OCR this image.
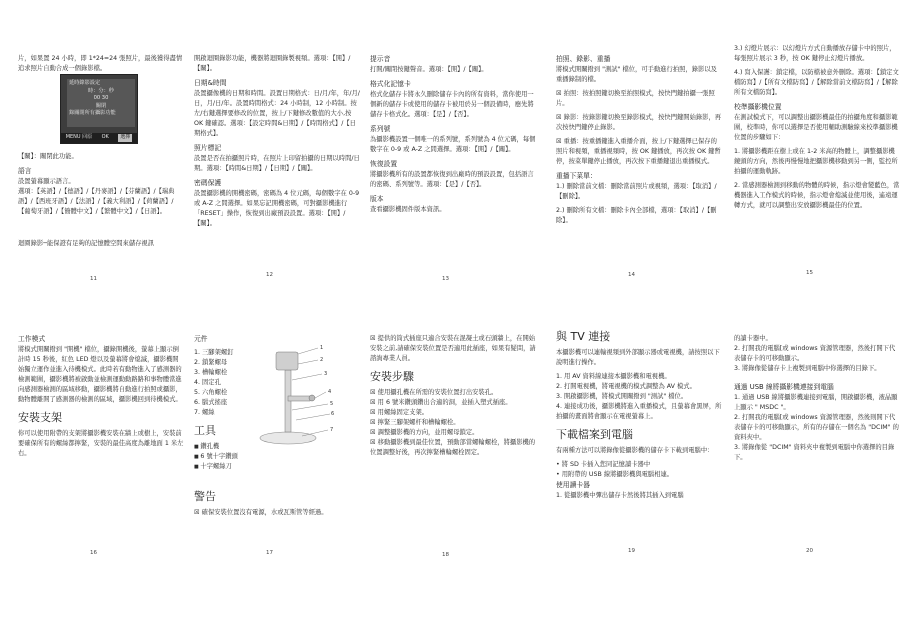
片，如果置 24 小時，即 1*24=24 張照片，最後獲得盡情追求照片自動合成一個錄影檔。

延時錄影設定
時：分：秒
00 30
關閉
錄關閉所有攝影功能
MENU 回原 OK	選擇

【關】：關閉此功能。

語言

設置螢幕顯示語言。

選項：【英語】/【德語】/【丹麥語】/【芬蘭語】/【瑞典語】/【西班牙語】/【法語】/【義大利語】/【荷蘭語】/【葡萄牙語】/【簡體中文】/【繁體中文】/【日語】。

迴圈錄影─能保證有足夠的記憶體空間來儲存視訊

11

開啟迴圈錄影功能，機器將迴圈錄製視頻。選項：【開】/【關】。

日期&時間

設置攝像機的日期和時間。設置日期格式：日/月/年，年/月/日，月/日/年。設置時間格式：24 小時制，12 小時制。按左/右鍵選擇要修改的位置，按上/下鍵修改數值的大小,按 OK 鍵確認。選項：【設定時間&日期】/【時間格式】/【日期格式】。

照片標記

設置是否在拍攝照片時，在照片上印留拍攝的日期以時間/日期。選項：【時間&日期】/【日期】/【關】。

密碼保護

設置攝影機的開機密碼，密碼為 4 位元碼，每個數字在 0-9 或 A-Z 之間選擇。如果忘記開機密碼，可對攝影機進行「RESET」操作，恢復到出廠預設設置。選項：【開】/【關】。

12
提示音

打開/關閉按鍵聲音。選項：【開】/【關】。

格式化記憶卡

格式化儲存卡將永久刪除儲存卡內的所有資料，當你使用一個新的儲存卡或使用的儲存卡被用於另一個設備時，應先將儲存卡格式化。選項：【是】/【否】。

系列號

為攝影機設置一個唯一的系列號，系列號為 4 位元碼，每個數字在 0-9 或 A-Z 之間選擇。選項：【開】/【關】。

恢復設置

將攝影機所有的設置都恢復到出廠時的預設設置，包括語言的密碼、系列號等。選項：【是】/【否】。

版本

查看攝影機固件版本資訊。

13
拍照、錄影、重播

將模式開關撥到 "測試" 檔位，可手動進行拍照，錄影以及重播錄制的檔。

☒ 拍照：按拍照鍵切換至拍照模式，按快門鍵拍攝一張照片。

☒ 錄影：按錄影鍵切換至錄影模式，按快門鍵開始錄影，再次按快門鍵停止錄影。

☒ 重播：按重播鍵進入重播介面，按上/下鍵選擇已保存的照片和視頻，重播視頻時，按 OK 鍵播放，再次按 OK 鍵暫停，按菜單鍵停止播放，再次按下重播鍵退出重播模式。

重播下菜單：

1.) 刪除當前文檔：刪除當前照片或視頻，選項：【取消】/【刪除】。

2.) 刪除所有文檔：刪除卡內全部檔，選項：【取消】/【刪除】。

14

3.) 幻燈片展示：以幻燈片方式自動播放存儲卡中的照片，每張照片展示 3 秒，按 OK 鍵停止幻燈片播放。

4.) 寫入保護：鎖定檔，以防檔被意外删除。選項：【鎖定文檔防寫】/【所有文檔防寫】/【解除當前文檔防寫】/【解除所有文檔防寫】。

校準攝影機位置

在測試模式下，可以調整出攝影機最佳的拍攝角度和攝影範圍，校準時，你可以選擇是否使用輔助測驗線來校準攝影機位置的步驟如下：

1. 將攝影機距在樹上或在 1-2 米高的物體上，調整攝影機鏡頭的方向，然後再慢慢地把攝影機移動到另一側，監控所拍攝的運動軌跡。

2. 當感測器檢測到移動的物體的時候，指示燈會變藍色，當機器進入工作模式的時候，指示燈會熄滅並使用後，遙遠運轉方式，就可以調整出安放攝影機最佳的位置。

15
工作模式

將模式開關撥到 "開機" 檔位，攝錄開機後，螢幕上顯示倒計時 15 秒後，紅色 LED 燈以及螢幕將會熄滅，攝影機開始獨立運作並進入待機模式。此時若有動物進入了感測器的檢測範圍，攝影機將被啟動並檢測運動動路路和事物體當進向感測器檢測的區域移動，攝影機將自動進行拍照或攝影，動物體離開了感測器的檢測的區域，攝影機回到待機模式。

安裝支架

你可以使用附帶的支架將攝影機安裝在牆上或樹上，安裝前要確保所有的螺絲都擰緊，安裝的最佳高度為離地面 1 米左右。

16
元件
1. 三腳架螺釘
2. 鎖緊螺母
3. 槽輪螺栓
4. 固定孔
5. 六角螺栓
6. 腦式搖座
7. 螺絲
工具
■ 鑽孔機
■ 6 號十字鑽頭
■ 十字螺絲刀
警告

☒ 確保安裝位置沒有電源，水或瓦斯管等經過。

1
2
3
4
5
6
7
17

☒ 提供的筒式插座只適合安裝在混凝土或石頭牆上，在開始安裝之前,請確保安裝位置是否適用此插座，如果有疑問，請諮詢專業人員。

安裝步驟

☒ 使用攝孔機在所需的安裝位置打出安裝孔。

☒ 用 6 號米鑽頭鑽出合適的洞，並插入塑式插座。

☒ 用螺絲固定支架。

☒ 擰緊三腳架螺杆和槽輪螺栓。

☒ 調整攝影機的方向，並用螺母鎖定。

☒ 移動攝影機到最佳位置，預動部當螺輪螺栓，將攝影機的位置調整好後，再次擰緊槽輪螺栓固定。

18
與 TV 連接

本攝影機可以連輸視頻到外部顯示器或電視機，請按照以下說明進行操作。

1. 用 AV 資料線連接本攝影機和電視機。

2. 打開電視機，將電視機的模式調整為 AV 模式。

3. 開啟攝影機，將模式開關撥到 "測試" 檔位。

4. 連接成功後，攝影機將進入重播模式，且螢幕會黑屏，所拍攝的畫面將會顯示在電視螢幕上。

下載檔案到電腦

有兩種方法可以將錄像從攝影機的儲存卡下載到電腦中：

• 將 SD 卡插入您同記憶讀卡器中

• 用附帶的 USB 線將攝影機與電腦相連。

使用讀卡器

1. 從攝影機中彈出儲存卡然後將其插入到電腦

19

的讀卡器中。

2. 打開我的電腦[或 windows 資源管理器，然後打開下代表儲存卡的可移動顯示。

3. 將錄像從儲存卡上複製到電腦中你選擇的目錄下。

通過 USB 線將攝影機連接到電腦

1. 通過 USB 線將攝影機連接到電腦，開啟攝影機，液晶顯上顯示 " MSDC "。

2. 打開我的電腦[或 windows 資源管理器，然後則開下代表儲存卡的可移動顯示，所有的存儲在一個名為 "DCIM" 的資料夾中。

3. 將錄像從 "DCIM" 資料夾中複製到電腦中你選擇的目錄下。

20
